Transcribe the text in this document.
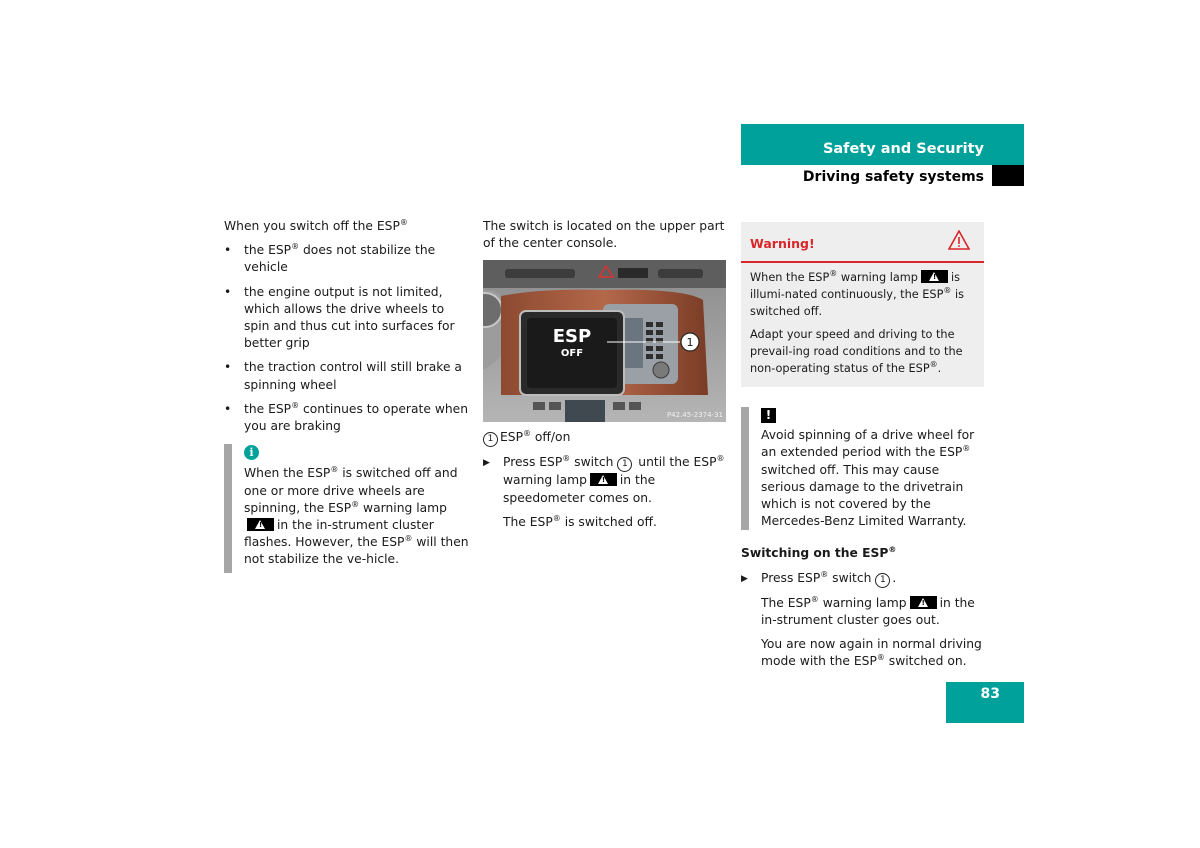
Safety and Security
Driving safety systems

When you switch off the ESP®

•	the ESP® does not stabilize the vehicle
•	the engine output is not limited, which allows the drive wheels to spin and thus cut into surfaces for better grip
•	the traction control will still brake a spinning wheel
•	the ESP® continues to operate when you are braking
i
When the ESP® is switched off and one or more drive wheels are spinning, the ESP® warning lamp!in the in-strument cluster flashes. However, the ESP® will then not stabilize the ve-hicle.

The switch is located on the upper part of the center console.

ESP
OFF
1
P42.45-2374-31

1 ESP® off/on

▶	Press ESP® switch 1 until the ESP® warning lamp !	in the speedometer comes on.

The ESP® is switched off.

Warning!

When the ESP® warning lamp!	is illumi-nated continuously, the ESP® is switched off.

Adapt your speed and driving to the prevail-ing road conditions and to the non-operating status of the ESP®.

!
Avoid spinning of a drive wheel for an extended period with the ESP® switched off. This may cause serious damage to the drivetrain which is not covered by the Mercedes-Benz Limited Warranty.
Switching on the ESP®
▶	Press ESP® switch 1 .

The ESP® warning lamp !	in the in-strument cluster goes out.

You are now again in normal driving mode with the ESP® switched on.

83
